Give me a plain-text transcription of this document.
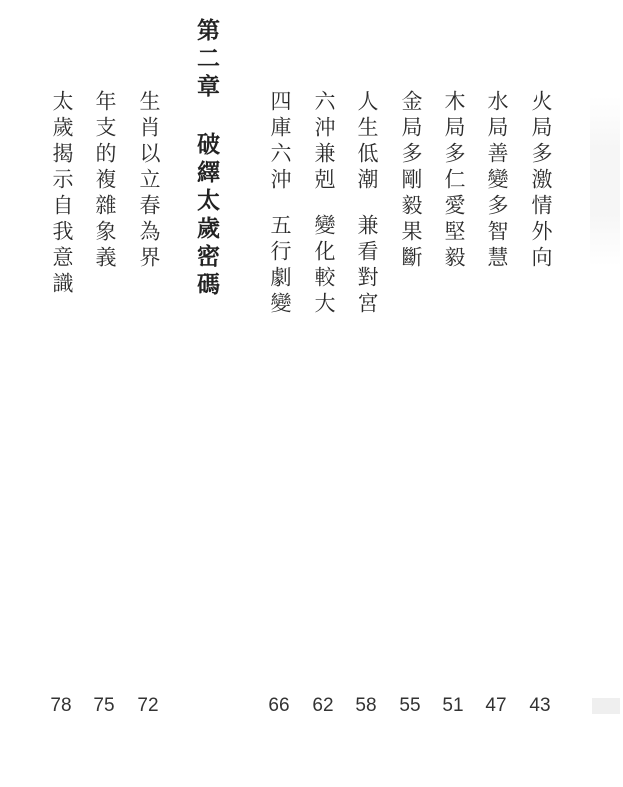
第二章破繹太歲密碼	火局多激情外向
43
水局善變多智慧
47
木局多仁愛堅毅
51
金局多剛毅果斷
55
人生低潮兼看對宮
58
六沖兼剋變化較大
62
四庫六沖五行劇變
66
生肖以立春為界
72
年支的複雜象義
75
太歲揭示自我意識
78
